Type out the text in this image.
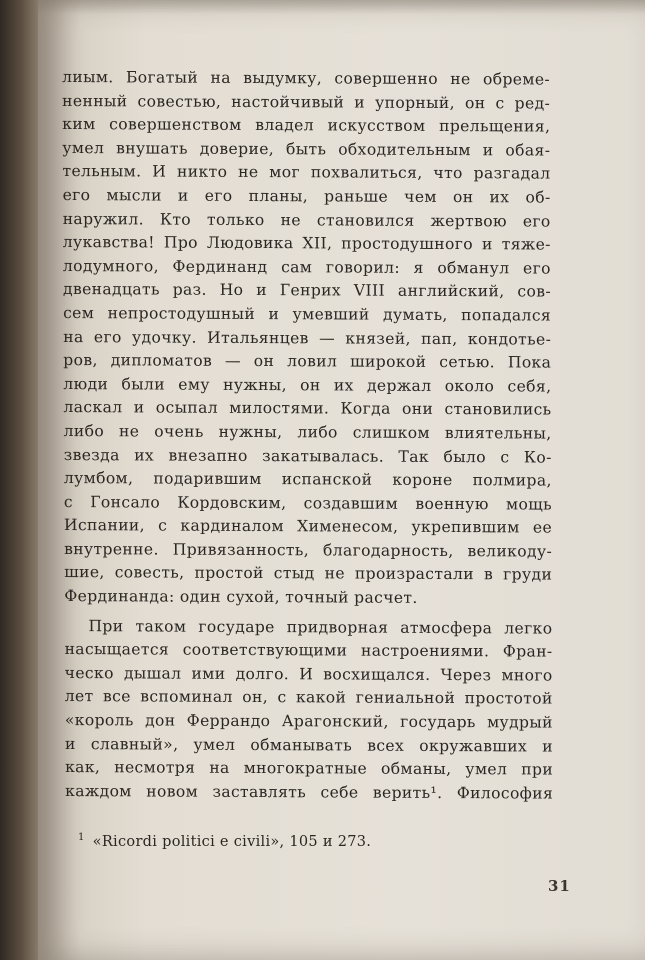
лиым. Богатый на выдумку, совершенно не обреме-
ненный совестью, настойчивый и упорный, он с ред-
ким совершенством владел искусством прельщения,
умел внушать доверие, быть обходительным и обая-
тельным. И никто не мог похвалиться, что разгадал
его мысли и его планы, раньше чем он их об-
наружил. Кто только не становился жертвою его
лукавства! Про Людовика XII, простодушного и тяже-
лодумного, Фердинанд сам говорил: я обманул его
двенадцать раз. Но и Генрих VIII английский, сов-
сем непростодушный и умевший думать, попадался
на его удочку. Итальянцев — князей, пап, кондотье-
ров, дипломатов — он ловил широкой сетью. Пока
люди были ему нужны, он их держал около себя,
ласкал и осыпал милостями. Когда они становились
либо не очень нужны, либо слишком влиятельны,
звезда их внезапно закатывалась. Так было с Ко-
лумбом, подарившим испанской короне полмира,
с Гонсало Кордовским, создавшим военную мощь
Испании, с кардиналом Хименесом, укрепившим ее
внутренне. Привязанность, благодарность, великоду-
шие, совесть, простой стыд не произрастали в груди
Фердинанда: один сухой, точный расчет.
При таком государе придворная атмосфера легко
насыщается соответствующими настроениями. Фран-
ческо дышал ими долго. И восхищался. Через много
лет все вспоминал он, с какой гениальной простотой
«король дон Феррандо Арагонский, государь мудрый
и славный», умел обманывать всех окружавших и
как, несмотря на многократные обманы, умел при
каждом новом заставлять себе верить¹. Философия
$^1$ «Ricordi politici e civili», 105 и 273.
31
